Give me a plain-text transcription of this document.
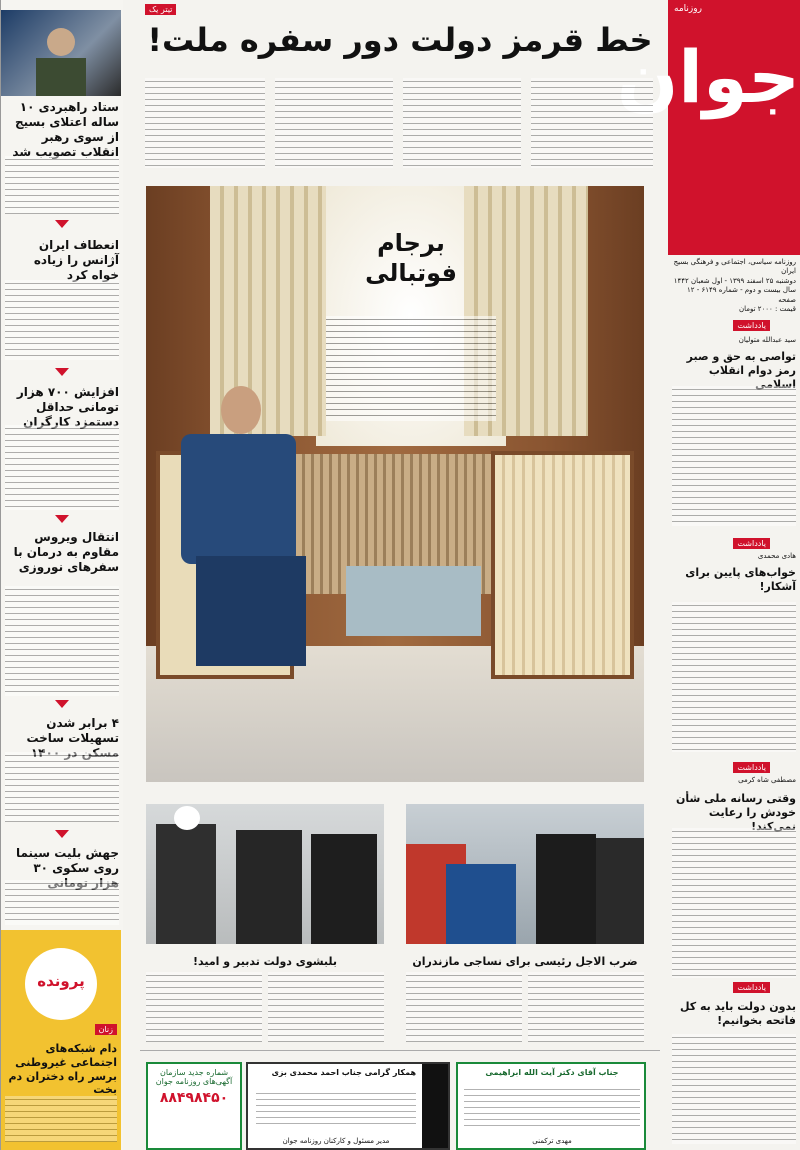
ستاد راهبردی ۱۰ ساله اعتلای بسیج از سوی رهبر انقلاب تصویب شد
انعطاف ایران آژانس را زیاده خواه کرد
افزایش ۷۰۰ هزار تومانی حداقل دستمزد کارگران
انتقال ویروس مقاوم به درمان با سفرهای نوروزی
۴ برابر شدن تسهیلات ساخت مسکن در ۱۴۰۰
جهش بلیت سینما روی سکوی ۳۰ هزار تومانی
پرونده
زنان
دام شبکه‌های اجتماعی غیروطنی برسر راه دختران دم بخت
روزنامه
جوان
روزنامه سیاسی، اجتماعی و فرهنگی بسیج ایران
دوشنبه ۲۵ اسفند ۱۳۹۹ - اول شعبان ۱۴۴۲
سال بیست و دوم - شماره ۶۱۴۹ - ۱۲ صفحه
قیمت : ۲۰۰۰ تومان
یادداشت
سید عبدالله متولیان
تواصی به حق و صبر رمز دوام انقلاب اسلامی
یادداشت
هادی محمدی
خواب‌های پایین برای آشکار!
یادداشت
مصطفی شاه کرمی
وقتی رسانه ملی شأن خودش را رعایت نمی‌کند!
یادداشت
بدون دولت باید به کل فاتحه بخوانیم!
تیتر یک
خط قرمز دولت دور سفره ملت!
برجام
فوتبالی
بلبشوی دولت تدبیر و امید!	ضرب الاجل رئیسی برای نساجی مازندران
شماره جدید سازمان آگهی‌های روزنامه جوان
۸۸۴۹۸۴۵۰
همکار گرامی جناب احمد محمدی بزی
مدیر مسئول و کارکنان روزنامه جوان
جناب آقای دکتر آیت الله ابراهیمی
مهدی ترکمنی
